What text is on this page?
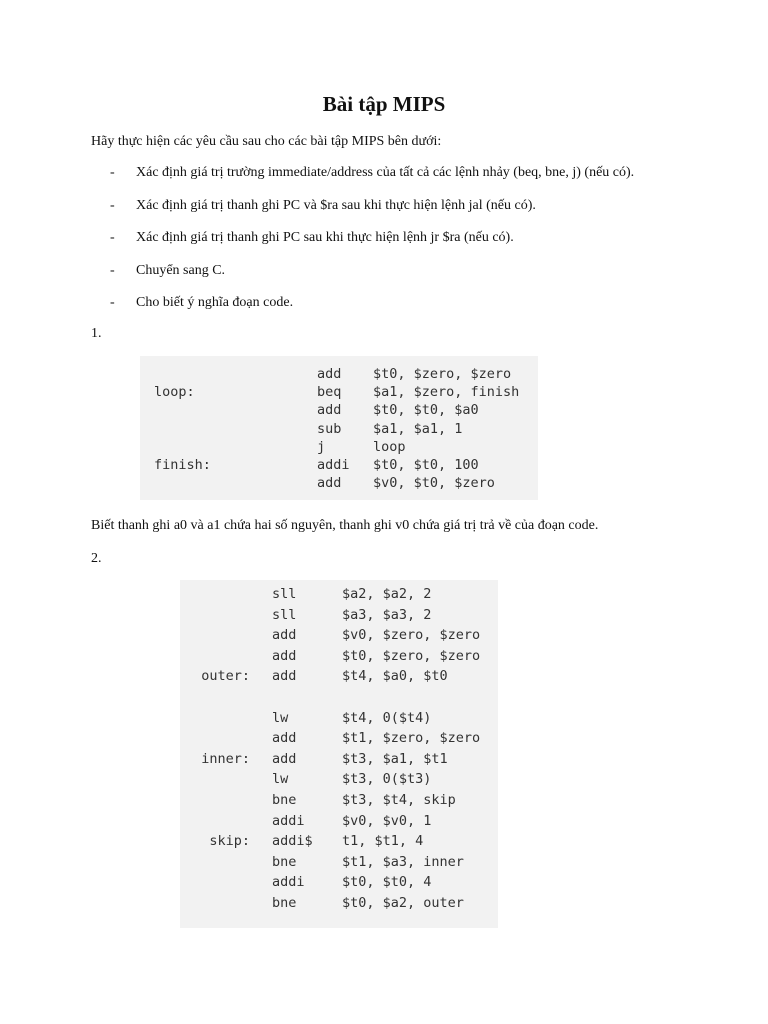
Bài tập MIPS
Hãy thực hiện các yêu cầu sau cho các bài tập MIPS bên dưới:
-	Xác định giá trị trường immediate/address của tất cả các lệnh nhảy (beq, bne, j) (nếu có).
-	Xác định giá trị thanh ghi PC và $ra sau khi thực hiện lệnh jal (nếu có).
-	Xác định giá trị thanh ghi PC sau khi thực hiện lệnh jr $ra (nếu có).
-	Chuyển sang C.
-	Cho biết ý nghĩa đoạn code.
1.
add $t0, $zero, $zero
loop:	beq $a1, $zero, finish
add $t0, $t0, $a0
sub $a1, $a1, 1
j	loop
finish:	addi $t0, $t0, 100
add $v0, $t0, $zero
Biết thanh ghi a0 và a1 chứa hai số nguyên, thanh ghi v0 chứa giá trị trả về của đoạn code.
2.
sll	$a2, $a2, 2
sll	$a3, $a3, 2
add	$v0, $zero, $zero
add	$t0, $zero, $zero
outer: add	$t4, $a0, $t0
lw	$t4, 0($t4)
add	$t1, $zero, $zero
inner: add	$t3, $a1, $t1
lw	$t3, 0($t3)
bne	$t3, $t4, skip
addi	$v0, $v0, 1
skip: addi$ t1, $t1, 4
bne	$t1, $a3, inner
addi	$t0, $t0, 4
bne	$t0, $a2, outer
